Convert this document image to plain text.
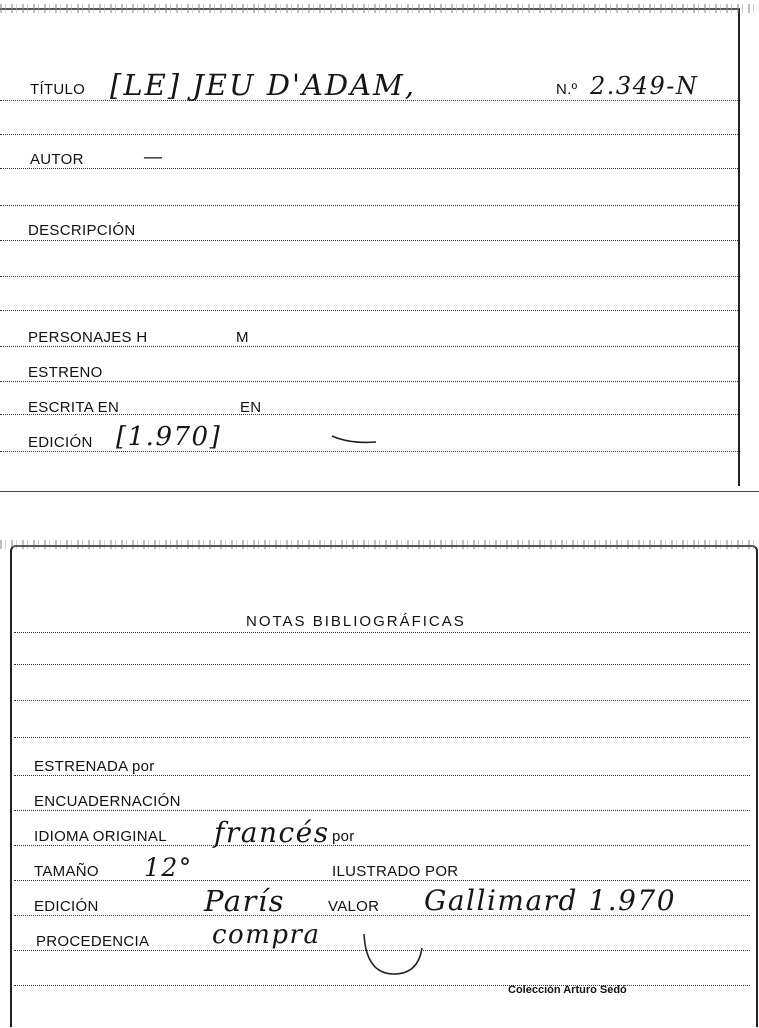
TÍTULO [LE] JEU D'ADAM,	N.º 2.349-N
AUTOR	—
DESCRIPCIÓN
PERSONAJES H	M
ESTRENO
ESCRITA EN	EN
EDICIÓN [1.970]
NOTAS BIBLIOGRÁFICAS
ESTRENADA por
ENCUADERNACIÓN
IDIOMA ORIGINAL francés por
TAMAÑO 12°	ILUSTRADO POR
EDICIÓN	París	VALOR Gallimard 1.970
PROCEDENCIA compra
Colección Arturo Sedó
